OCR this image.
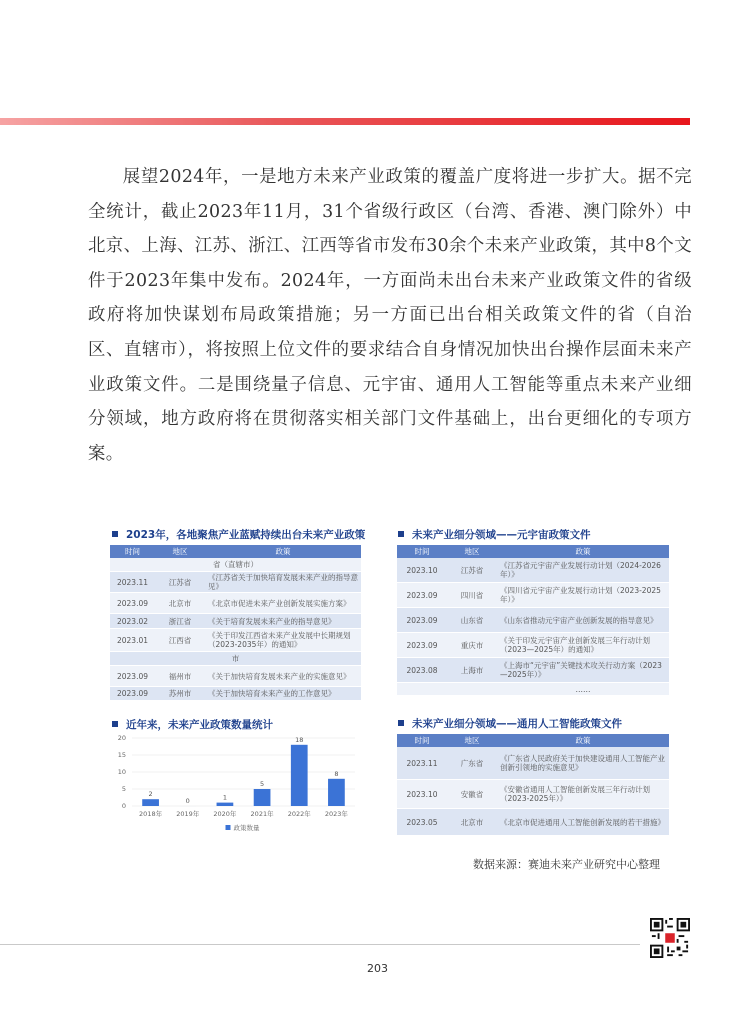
展望2024年，一是地方未来产业政策的覆盖广度将进一步扩大。据不完全统计，截止2023年11月，31个省级行政区（台湾、香港、澳门除外）中北京、上海、江苏、浙江、江西等省市发布30余个未来产业政策，其中8个文件于2023年集中发布。2024年，一方面尚未出台未来产业政策文件的省级政府将加快谋划布局政策措施；另一方面已出台相关政策文件的省（自治区、直辖市），将按照上位文件的要求结合自身情况加快出台操作层面未来产业政策文件。二是围绕量子信息、元宇宙、通用人工智能等重点未来产业细分领域，地方政府将在贯彻落实相关部门文件基础上，出台更细化的专项方案。

2023年，各地聚焦产业蓝赋持续出台未来产业政策
时间	地区	政策
省（直辖市）		
2023.11	江苏省	《江苏省关于加快培育发展未来产业的指导意见》
2023.09	北京市	《北京市促进未来产业创新发展实施方案》
2023.02	浙江省	《关于培育发展未来产业的指导意见》
2023.01	江西省	《关于印发江西省未来产业发展中长期规划（2023-2035年）的通知》
市		
2023.09	福州市	《关于加快培育发展未来产业的实施意见》
2023.09	苏州市	《关于加快培育未来产业的工作意见》
近年来，未来产业政策数量统计
0
5
10
15
20
2
2018年
0
2019年
1
2020年
5
2021年
18
2022年
8
2023年
政策数量
未来产业细分领域——元宇宙政策文件
时间	地区	政策
2023.10	江苏省	《江苏省元宇宙产业发展行动计划（2024-2026年）》
2023.09	四川省	《四川省元宇宙产业发展行动计划（2023-2025年）》
2023.09	山东省	《山东省推动元宇宙产业创新发展的指导意见》
2023.09	重庆市	《关于印发元宇宙产业创新发展三年行动计划（2023—2025年）的通知》
2023.08	上海市	《上海市“元宇宙”关键技术攻关行动方案（2023—2025年）》
		……
未来产业细分领域——通用人工智能政策文件
时间	地区	政策
2023.11	广东省	《广东省人民政府关于加快建设通用人工智能产业创新引领地的实施意见》
2023.10	安徽省	《安徽省通用人工智能创新发展三年行动计划（2023-2025年）》
2023.05	北京市	《北京市促进通用人工智能创新发展的若干措施》
数据来源：赛迪未来产业研究中心整理
203
